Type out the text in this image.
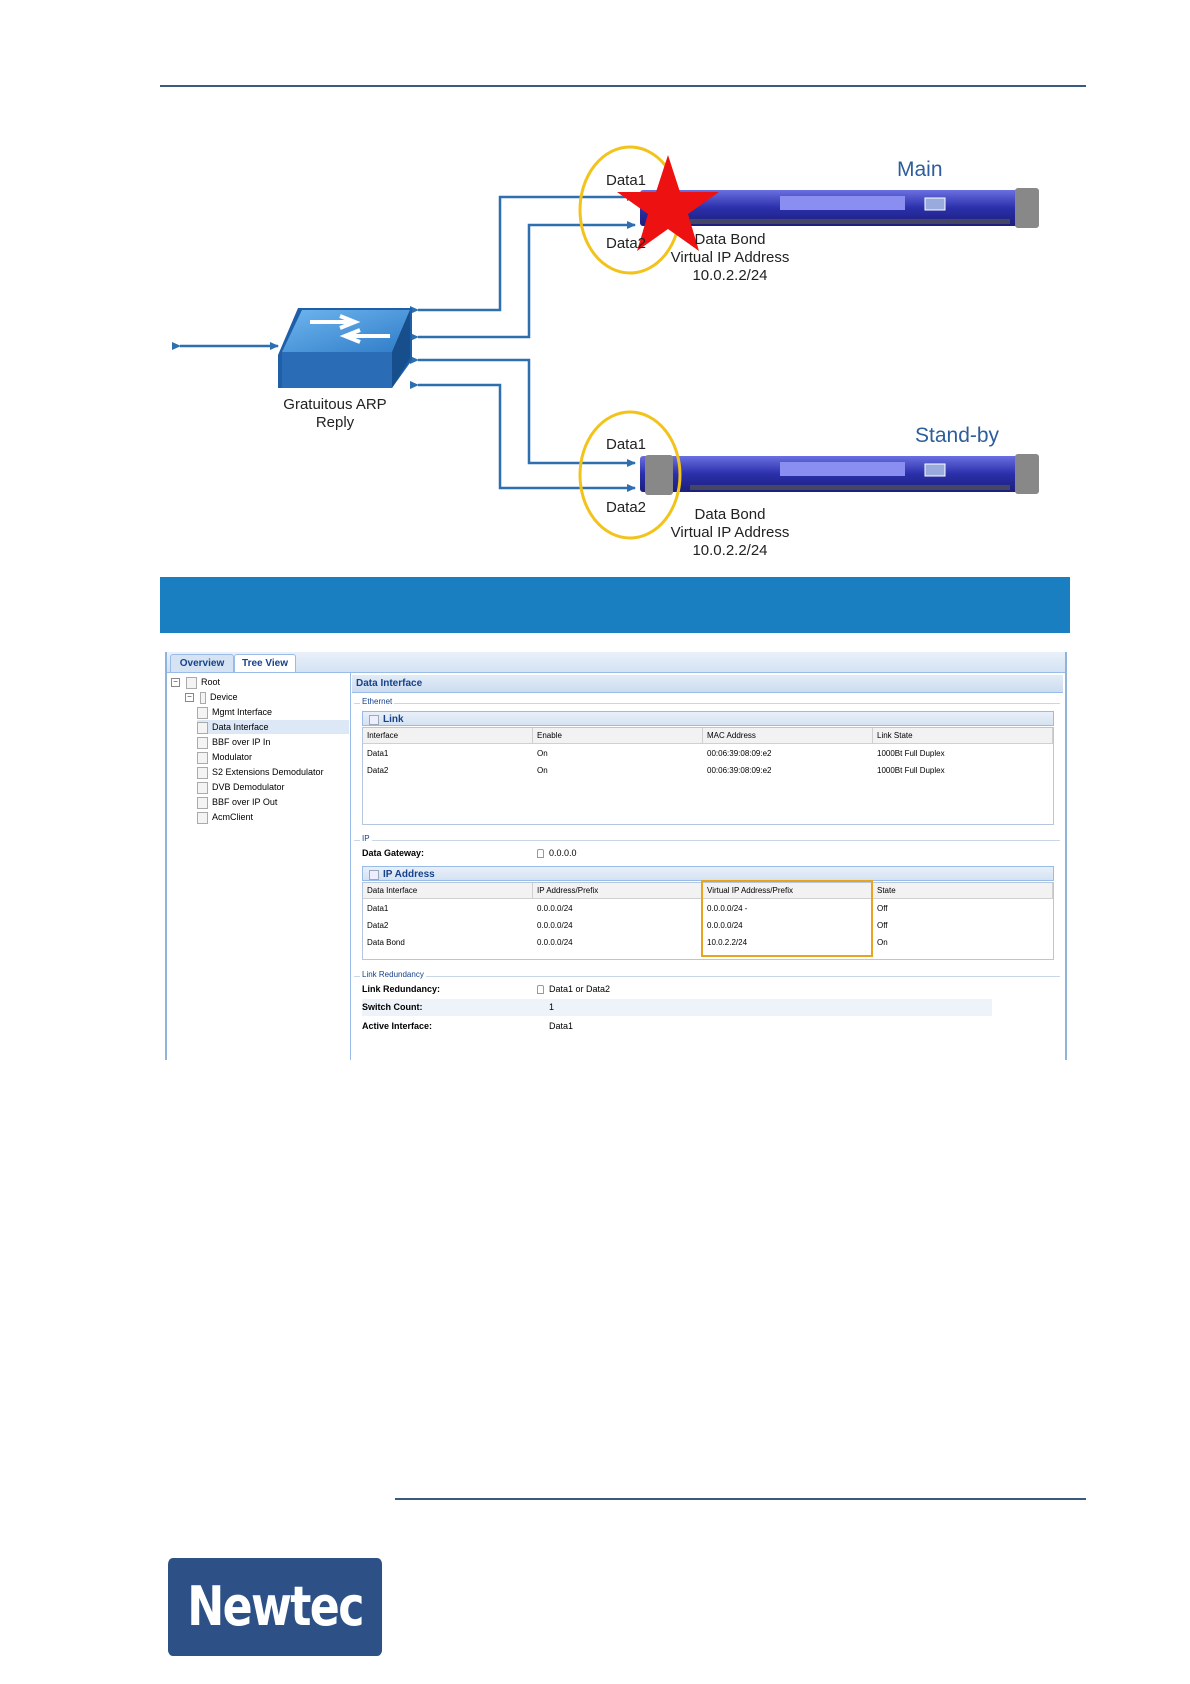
Main
Data1
Data2	Data Bond
Virtual IP Address
10.0.2.2/24
Stand-by
Data1
Data2	Data Bond
Virtual IP Address
10.0.2.2/24
Gratuitous ARP
Reply
Overview	Tree View
−	Root
− Device
Mgmt Interface
Data Interface
BBF over IP In
Modulator
S2 Extensions Demodulator
DVB Demodulator
BBF over IP Out
AcmClient
Data Interface
Ethernet
Link
Interface	Enable	MAC Address	Link State
Data1	On	00:06:39:08:09:e2	1000Bt Full Duplex
Data2	On	00:06:39:08:09:e2	1000Bt Full Duplex
IP
Data Gateway:	0.0.0.0
IP Address
Data Interface	IP Address/Prefix	Virtual IP Address/Prefix	State
Data1	0.0.0.0/24	0.0.0.0/24 -	Off
Data2	0.0.0.0/24	0.0.0.0/24	Off
Data Bond	0.0.0.0/24	10.0.2.2/24	On
Link Redundancy
Link Redundancy:	Data1 or Data2
Switch Count:	1
Active Interface:	Data1
Newtec
